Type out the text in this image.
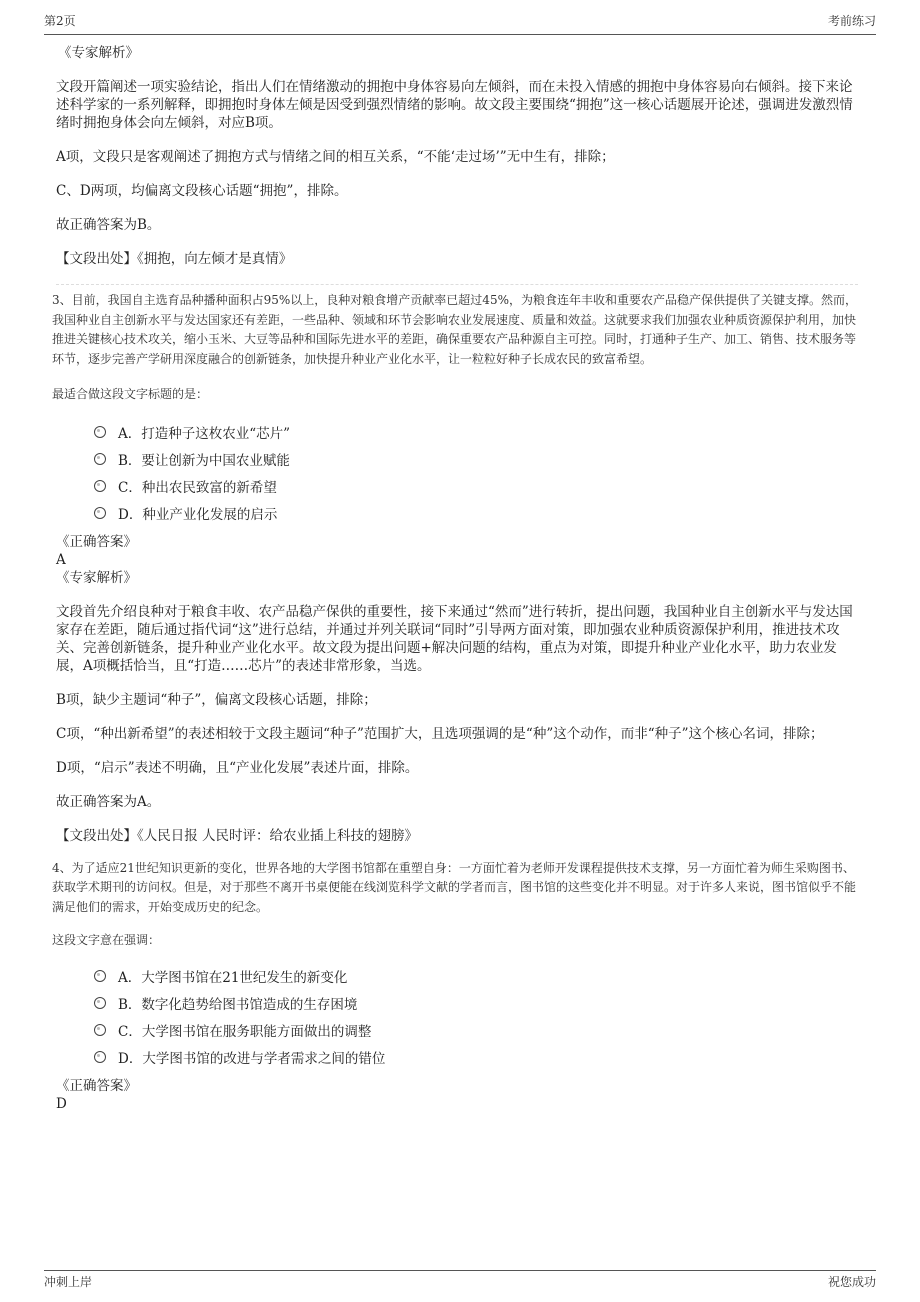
第2页	考前练习

《专家解析》

文段开篇阐述一项实验结论，指出人们在情绪激动的拥抱中身体容易向左倾斜，而在未投入情感的拥抱中身体容易向右倾斜。接下来论述科学家的一系列解释，即拥抱时身体左倾是因受到强烈情绪的影响。故文段主要围绕“拥抱”这一核心话题展开论述，强调进发激烈情绪时拥抱身体会向左倾斜，对应B项。

A项，文段只是客观阐述了拥抱方式与情绪之间的相互关系，“不能‘走过场’”无中生有，排除；

C、D两项，均偏离文段核心话题“拥抱”，排除。

故正确答案为B。

【文段出处】《拥抱，向左倾才是真情》

3、目前，我国自主选育品种播种面积占95%以上，良种对粮食增产贡献率已超过45%，为粮食连年丰收和重要农产品稳产保供提供了关键支撑。然而，我国种业自主创新水平与发达国家还有差距，一些品种、领域和环节会影响农业发展速度、质量和效益。这就要求我们加强农业种质资源保护利用，加快推进关键核心技术攻关，缩小玉米、大豆等品种和国际先进水平的差距，确保重要农产品种源自主可控。同时，打通种子生产、加工、销售、技术服务等环节，逐步完善产学研用深度融合的创新链条，加快提升种业产业化水平，让一粒粒好种子长成农民的致富希望。

最适合做这段文字标题的是：

A．打造种子这枚农业“芯片”
B．要让创新为中国农业赋能
C．种出农民致富的新希望
D．种业产业化发展的启示

《正确答案》

A

《专家解析》

文段首先介绍良种对于粮食丰收、农产品稳产保供的重要性，接下来通过“然而”进行转折，提出问题，我国种业自主创新水平与发达国家存在差距，随后通过指代词“这”进行总结，并通过并列关联词“同时”引导两方面对策，即加强农业种质资源保护利用，推进技术攻关、完善创新链条，提升种业产业化水平。故文段为提出问题+解决问题的结构，重点为对策，即提升种业产业化水平，助力农业发展，A项概括恰当，且“打造……芯片”的表述非常形象，当选。

B项，缺少主题词“种子”，偏离文段核心话题，排除；

C项，“种出新希望”的表述相较于文段主题词“种子”范围扩大，且选项强调的是“种”这个动作，而非“种子”这个核心名词，排除；

D项，“启示”表述不明确，且“产业化发展”表述片面，排除。

故正确答案为A。

【文段出处】《人民日报 人民时评：给农业插上科技的翅膀》

4、为了适应21世纪知识更新的变化，世界各地的大学图书馆都在重塑自身：一方面忙着为老师开发课程提供技术支撑，另一方面忙着为师生采购图书、获取学术期刊的访问权。但是，对于那些不离开书桌便能在线浏览科学文献的学者而言，图书馆的这些变化并不明显。对于许多人来说，图书馆似乎不能满足他们的需求，开始变成历史的纪念。

这段文字意在强调：

A．大学图书馆在21世纪发生的新变化
B．数字化趋势给图书馆造成的生存困境
C．大学图书馆在服务职能方面做出的调整
D．大学图书馆的改进与学者需求之间的错位

《正确答案》

D

冲刺上岸	祝您成功
